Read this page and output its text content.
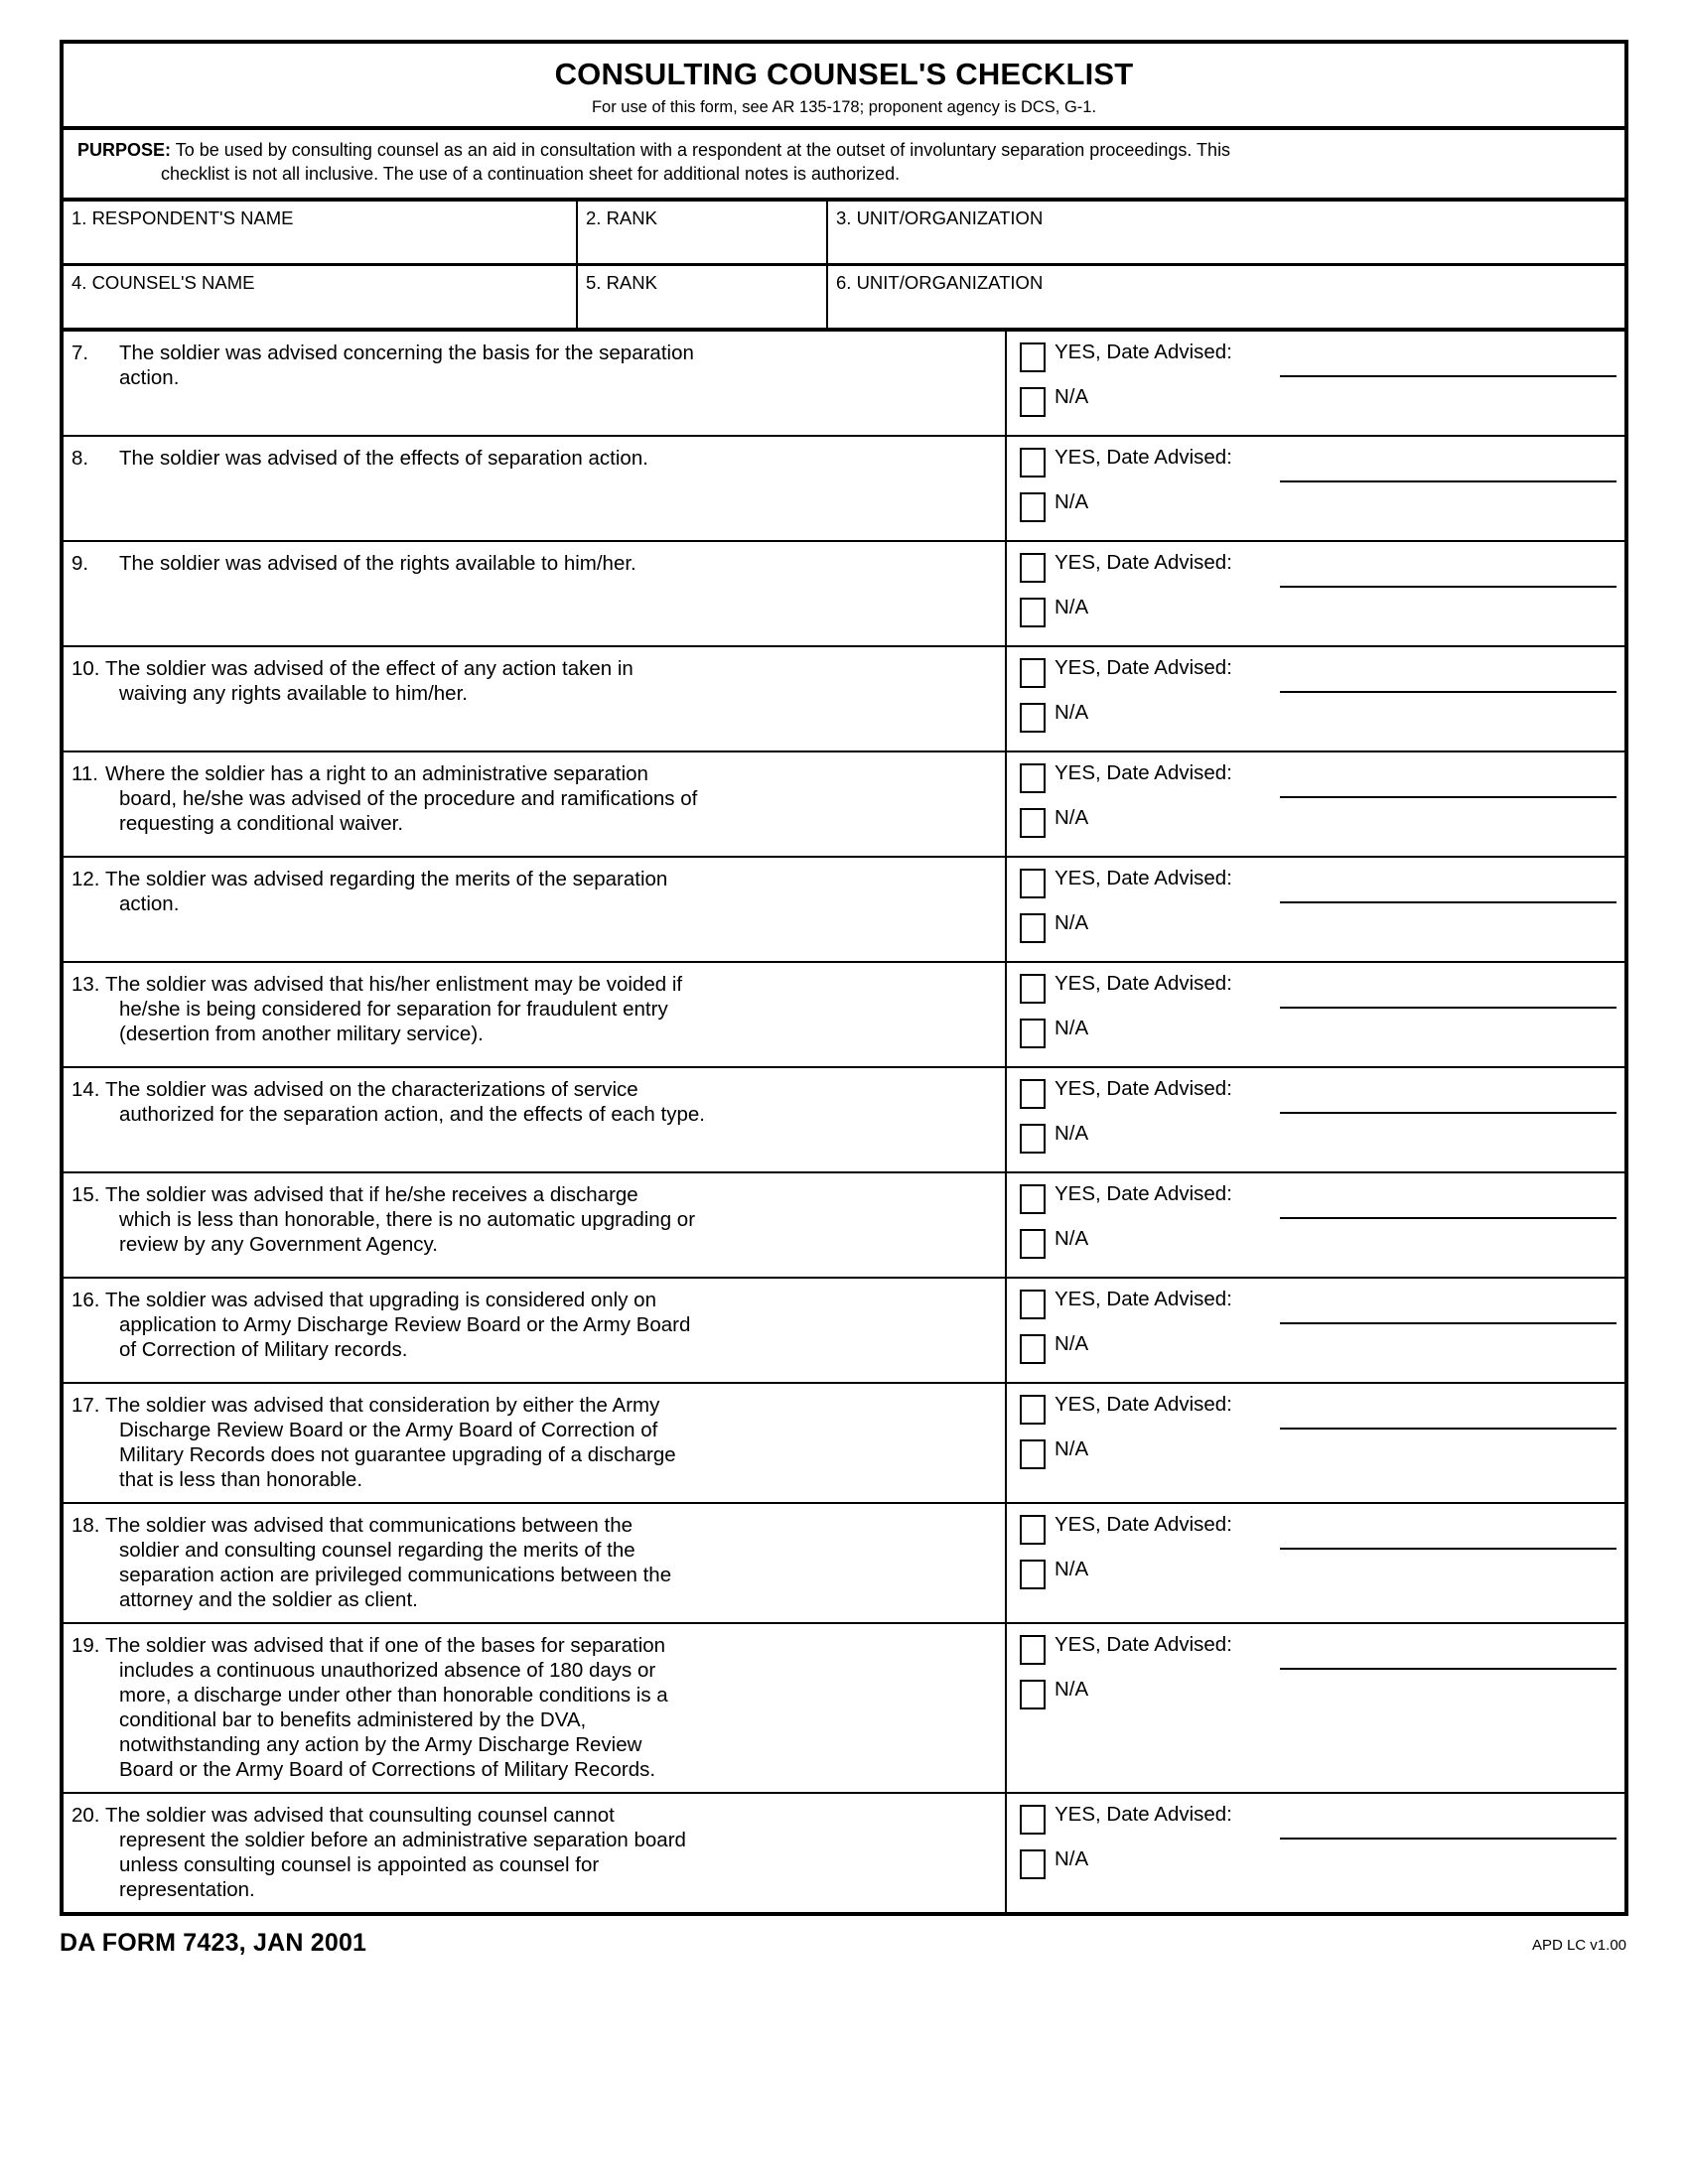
CONSULTING COUNSEL'S CHECKLIST
For use of this form, see AR 135-178; proponent agency is DCS, G-1.
PURPOSE: To be used by consulting counsel as an aid in consultation with a respondent at the outset of involuntary separation proceedings. This
checklist is not all inclusive. The use of a continuation sheet for additional notes is authorized.
1. RESPONDENT'S NAME	2. RANK	3. UNIT/ORGANIZATION
4. COUNSEL'S NAME	5. RANK	6. UNIT/ORGANIZATION
7.	The soldier was advised concerning the basis for the separation
action.
YES, Date Advised:
N/A
8.	The soldier was advised of the effects of separation action.	YES, Date Advised:
N/A
9.	The soldier was advised of the rights available to him/her.	YES, Date Advised:
N/A
10. The soldier was advised of the effect of any action taken in
waiving any rights available to him/her.
YES, Date Advised:
N/A
11. Where the soldier has a right to an administrative separation
board, he/she was advised of the procedure and ramifications of
requesting a conditional waiver.
YES, Date Advised:
N/A
12. The soldier was advised regarding the merits of the separation
action.
YES, Date Advised:
N/A
13. The soldier was advised that his/her enlistment may be voided if
he/she is being considered for separation for fraudulent entry
(desertion from another military service).
YES, Date Advised:
N/A
14. The soldier was advised on the characterizations of service
authorized for the separation action, and the effects of each type.
YES, Date Advised:
N/A
15. The soldier was advised that if he/she receives a discharge
which is less than honorable, there is no automatic upgrading or
review by any Government Agency.
YES, Date Advised:
N/A
16. The soldier was advised that upgrading is considered only on
application to Army Discharge Review Board or the Army Board
of Correction of Military records.
YES, Date Advised:
N/A
17. The soldier was advised that consideration by either the Army
Discharge Review Board or the Army Board of Correction of
Military Records does not guarantee upgrading of a discharge
that is less than honorable.
YES, Date Advised:
N/A
18. The soldier was advised that communications between the
soldier and consulting counsel regarding the merits of the
separation action are privileged communications between the
attorney and the soldier as client.
YES, Date Advised:
N/A
19. The soldier was advised that if one of the bases for separation
includes a continuous unauthorized absence of 180 days or
more, a discharge under other than honorable conditions is a
conditional bar to benefits administered by the DVA,
notwithstanding any action by the Army Discharge Review
Board or the Army Board of Corrections of Military Records.
YES, Date Advised:
N/A
20. The soldier was advised that counsulting counsel cannot
represent the soldier before an administrative separation board
unless consulting counsel is appointed as counsel for
representation.
YES, Date Advised:
N/A
DA FORM 7423, JAN 2001	APD LC v1.00
